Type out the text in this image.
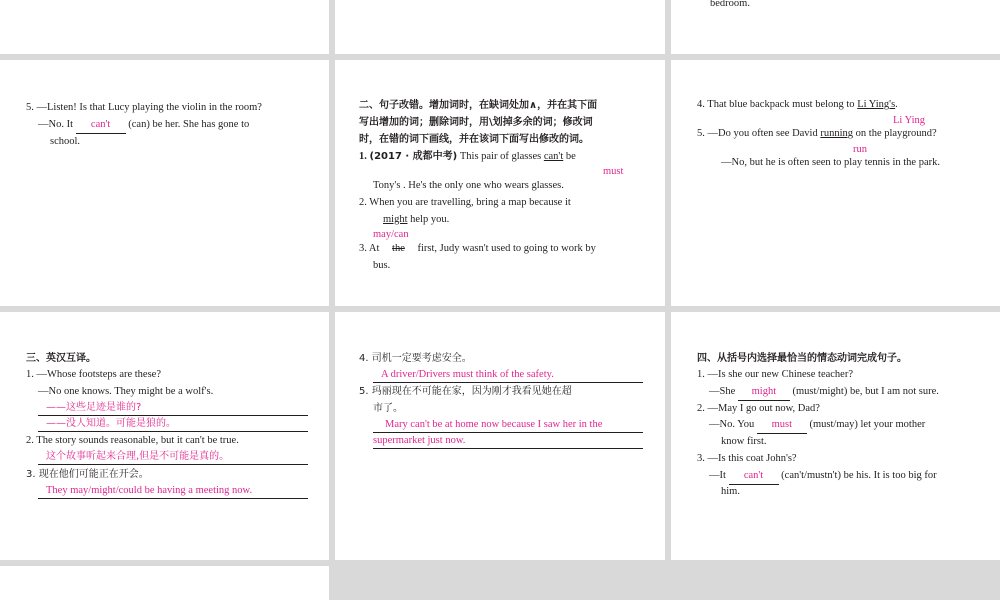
bedroom.
5. —Listen! Is that Lucy playing the violin in the room?
—No. It can't (can) be her. She has gone to
school.
二、句子改错。增加词时，在缺词处加∧，并在其下面
写出增加的词；删除词时，用\划掉多余的词；修改词
时，在错的词下画线，并在该词下面写出修改的词。
1. (2017 · 成都中考) This pair of glasses can't be
must
Tony's . He's the only one who wears glasses.
2. When you are travelling, bring a map because it
might help you.
may/can
3. At the first, Judy wasn't used to going to work by
bus.
4. That blue backpack must belong to Li Ying's.
Li Ying
5. —Do you often see David running on the playground?
run
—No, but he is often seen to play tennis in the park.
三、英汉互译。
1. —Whose footsteps are these?
—No one knows. They might be a wolf's.
——这些足迹是谁的?
——没人知道。可能是狼的。
2. The story sounds reasonable, but it can't be true.
这个故事听起来合理,但是不可能是真的。
3. 现在他们可能正在开会。
They may/might/could be having a meeting now.
4. 司机一定要考虑安全。
A driver/Drivers must think of the safety.
5. 玛丽现在不可能在家，因为刚才我看见她在超
市了。
Mary can't be at home now because I saw her in the
supermarket just now.
四、从括号内选择最恰当的情态动词完成句子。
1. —Is she our new Chinese teacher?
—She might (must/might) be, but I am not sure.
2. —May I go out now, Dad?
—No. You must (must/may) let your mother
know first.
3. —Is this coat John's?
—It can't (can't/mustn't) be his. It is too big for
him.
